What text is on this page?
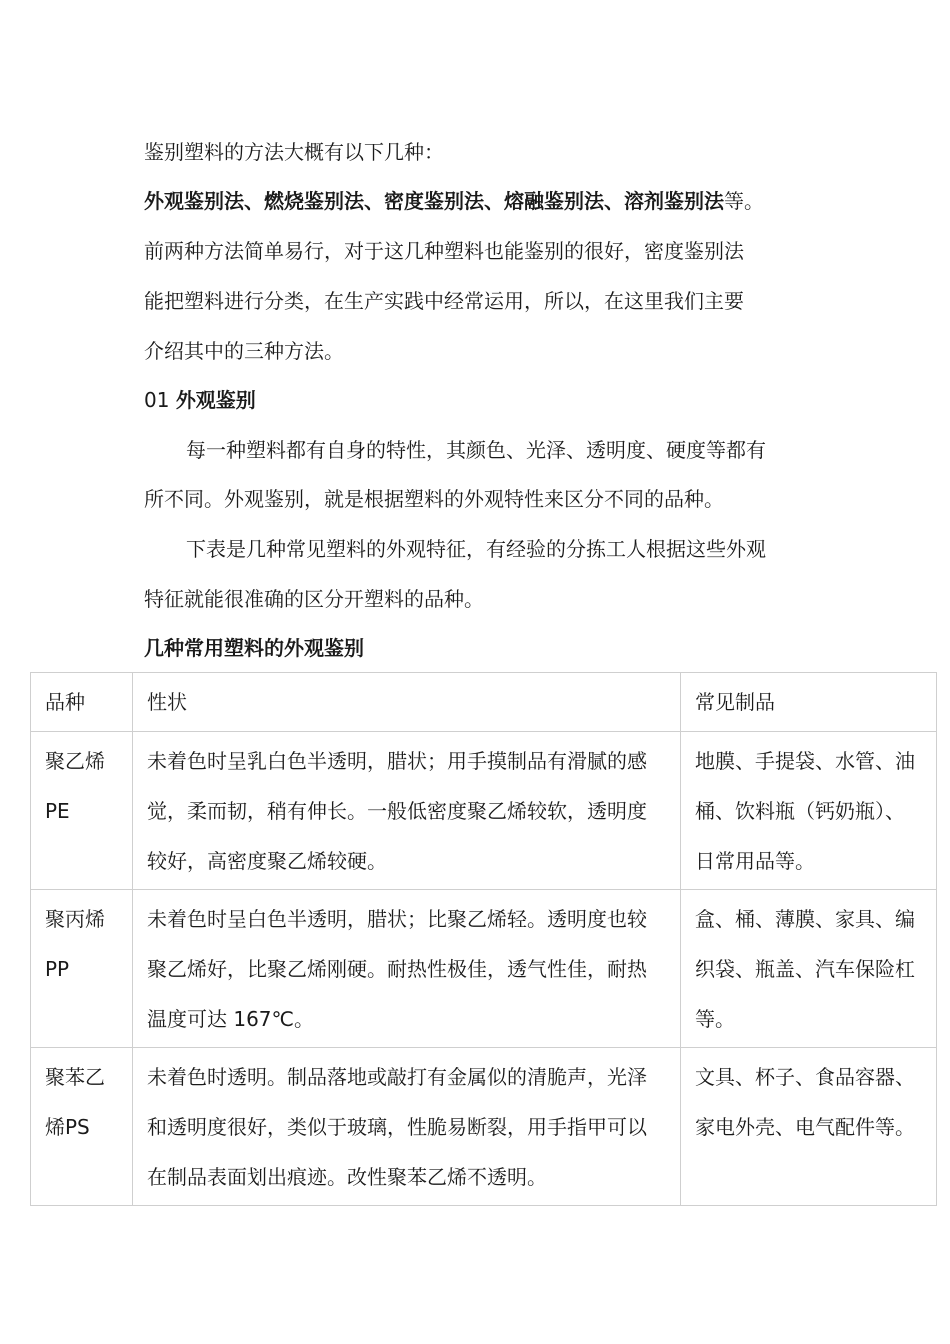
鉴别塑料的方法大概有以下几种：
外观鉴别法、燃烧鉴别法、密度鉴别法、熔融鉴别法、溶剂鉴别法等。
前两种方法简单易行，对于这几种塑料也能鉴别的很好，密度鉴别法
能把塑料进行分类，在生产实践中经常运用，所以，在这里我们主要
介绍其中的三种方法。
01 外观鉴别
每一种塑料都有自身的特性，其颜色、光泽、透明度、硬度等都有
所不同。外观鉴别，就是根据塑料的外观特性来区分不同的品种。
下表是几种常见塑料的外观特征，有经验的分拣工人根据这些外观
特征就能很准确的区分开塑料的品种。
几种常用塑料的外观鉴别
品种	性状	常见制品
聚乙烯PE	未着色时呈乳白色半透明，腊状；用手摸制品有滑腻的感觉，柔而韧，稍有伸长。一般低密度聚乙烯较软，透明度较好，高密度聚乙烯较硬。	地膜、手提袋、水管、油桶、饮料瓶（钙奶瓶）、日常用品等。
聚丙烯PP	未着色时呈白色半透明，腊状；比聚乙烯轻。透明度也较聚乙烯好，比聚乙烯刚硬。耐热性极佳，透气性佳，耐热温度可达 167℃。	盒、桶、薄膜、家具、编织袋、瓶盖、汽车保险杠等。
聚苯乙烯PS	未着色时透明。制品落地或敲打有金属似的清脆声，光泽和透明度很好，类似于玻璃，性脆易断裂，用手指甲可以在制品表面划出痕迹。改性聚苯乙烯不透明。	文具、杯子、食品容器、家电外壳、电气配件等。
